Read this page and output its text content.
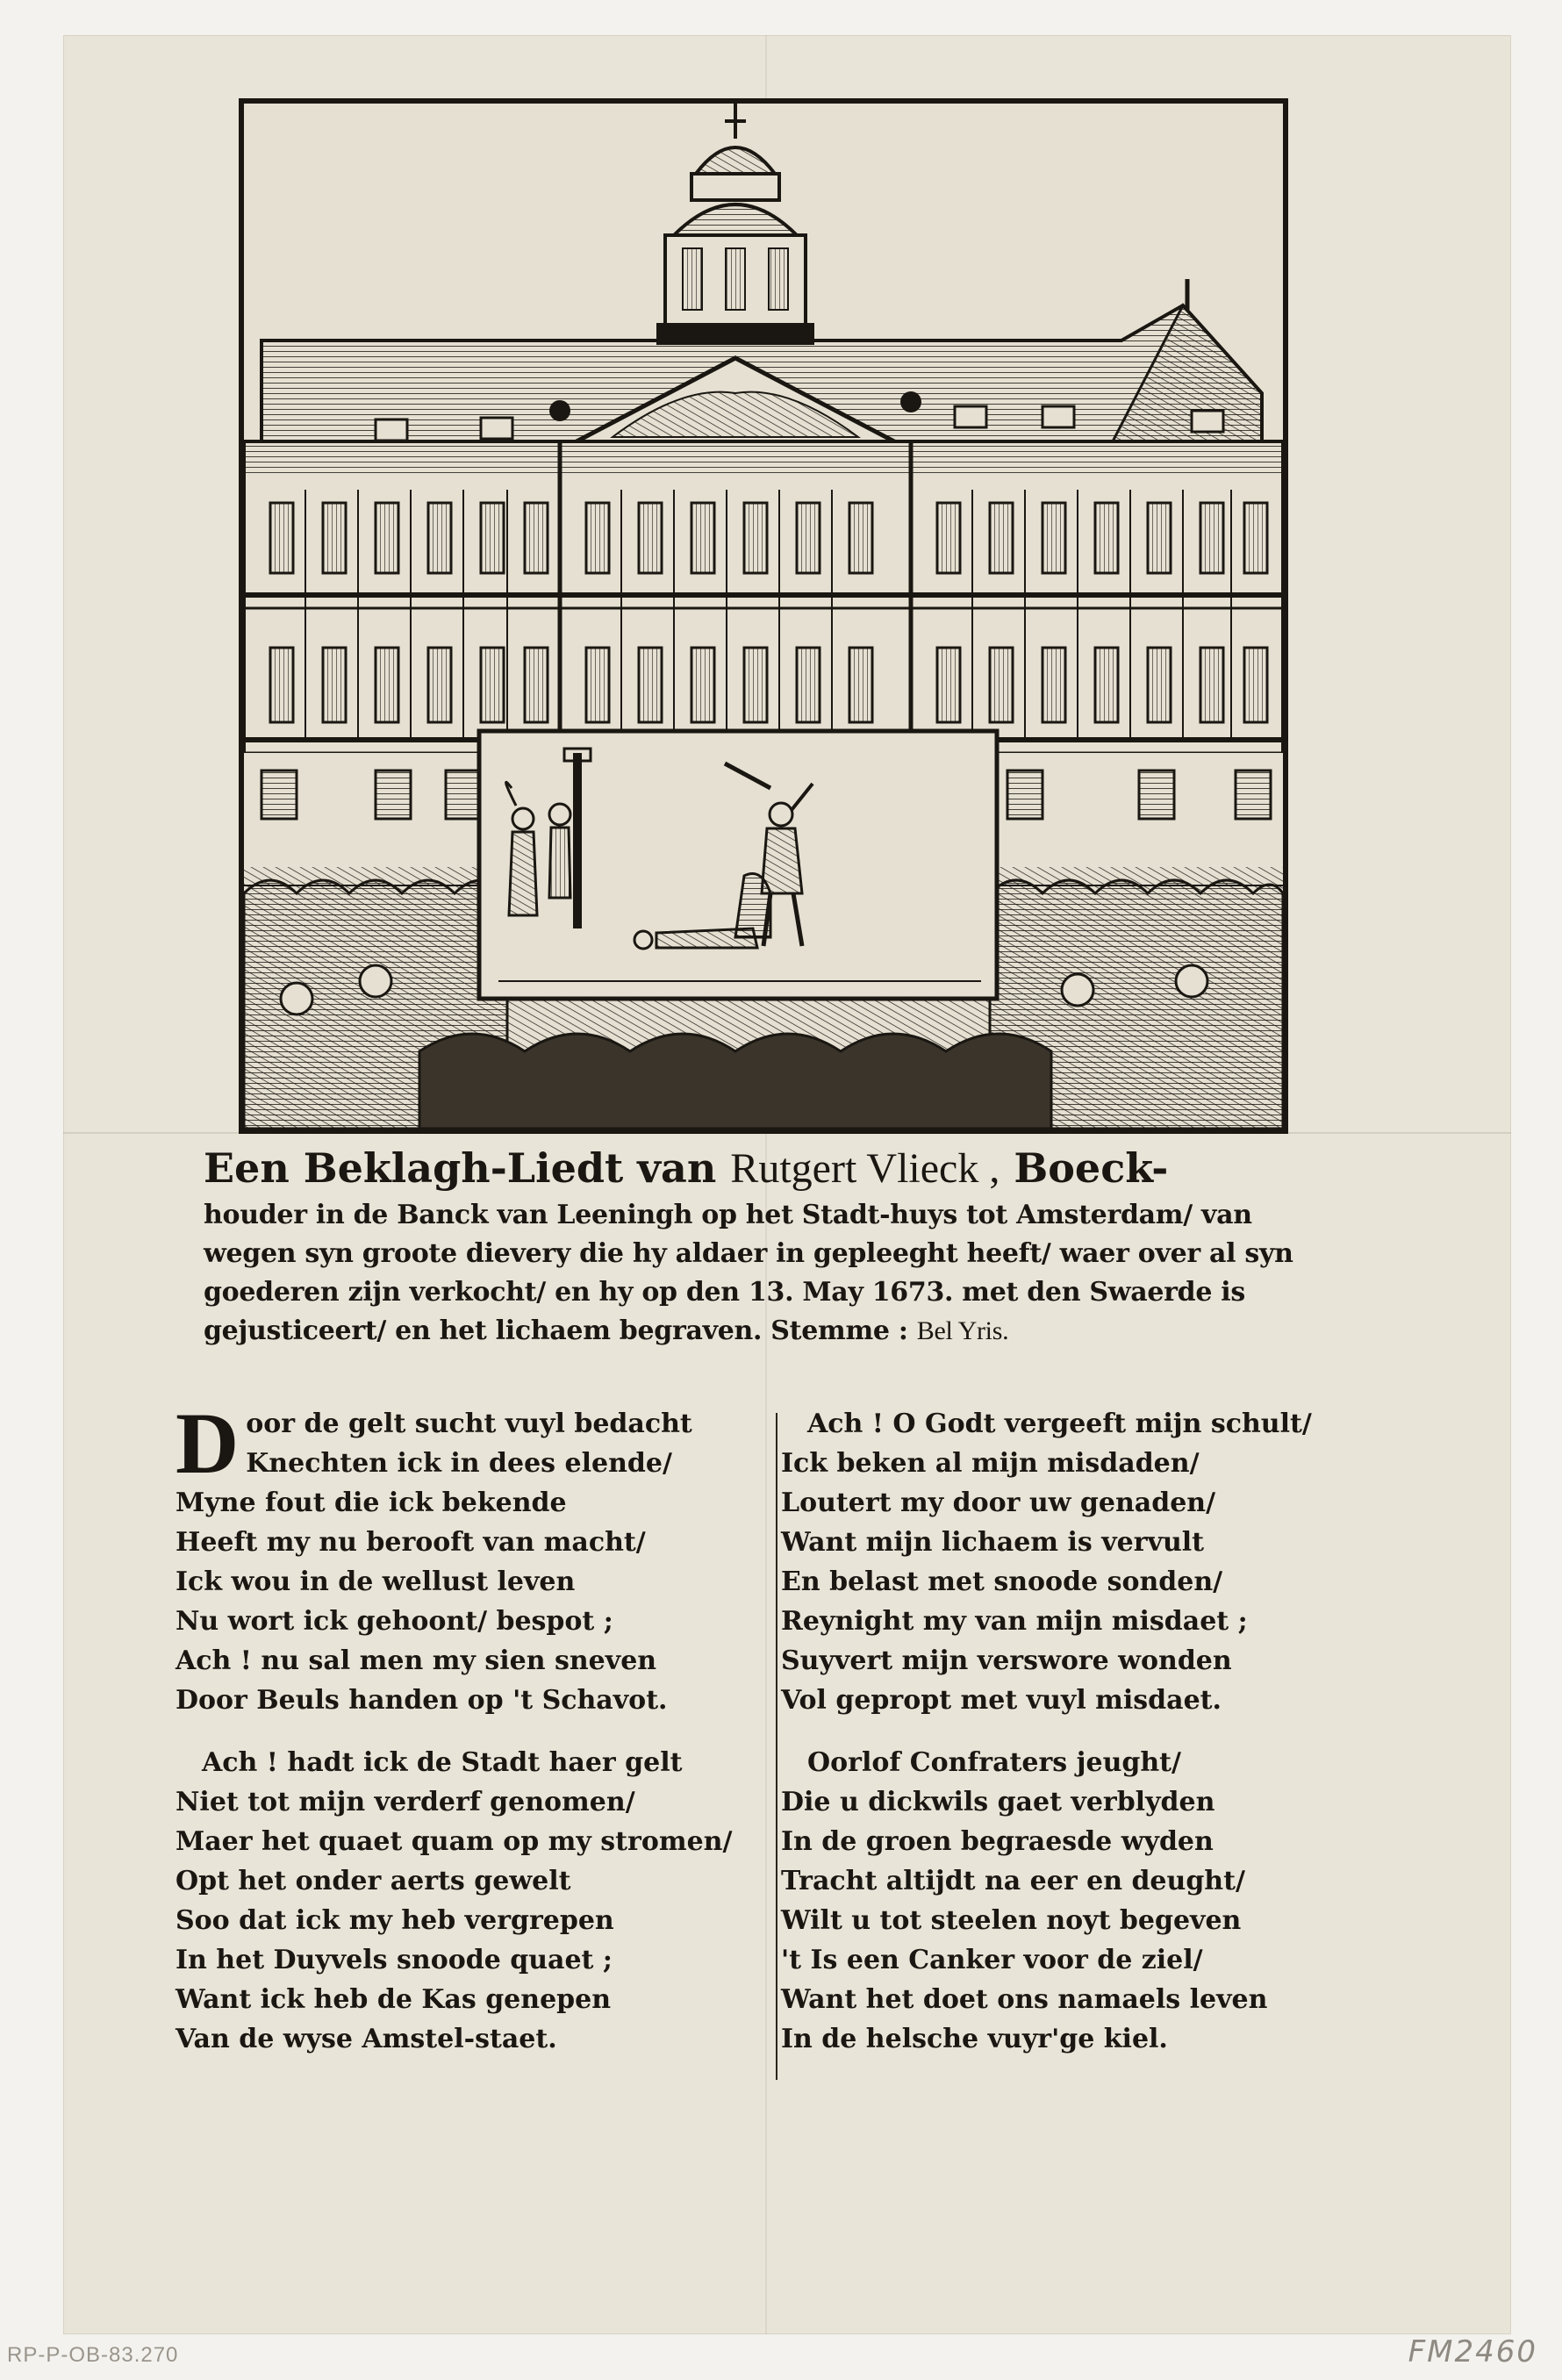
Een Beklagh-Liedt van Rutgert Vlieck , Boeck-
houder in de Banck van Leeningh op het Stadt-huys tot Amsterdam/ van
wegen syn groote dievery die hy aldaer in gepleeght heeft/ waer over al syn
goederen zijn verkocht/ en hy op den 13. May 1673. met den Swaerde is
gejusticeert/ en het lichaem begraven. Stemme : Bel Yris.
D oor de gelt sucht vuyl bedacht
Knechten ick in dees elende/
Myne fout die ick bekende
Heeft my nu berooft van macht/
Ick wou in de wellust leven
Nu wort ick gehoont/ bespot ;
Ach ! nu sal men my sien sneven
Door Beuls handen op 't Schavot.
Ach ! hadt ick de Stadt haer gelt
Niet tot mijn verderf genomen/
Maer het quaet quam op my stromen/
Opt het onder aerts gewelt
Soo dat ick my heb vergrepen
In het Duyvels snoode quaet ;
Want ick heb de Kas genepen
Van de wyse Amstel-staet.
Ach ! O Godt vergeeft mijn schult/
Ick beken al mijn misdaden/
Loutert my door uw genaden/
Want mijn lichaem is vervult
En belast met snoode sonden/
Reynight my van mijn misdaet ;
Suyvert mijn verswore wonden
Vol gepropt met vuyl misdaet.
Oorlof Confraters jeught/
Die u dickwils gaet verblyden
In de groen begraesde wyden
Tracht altijdt na eer en deught/
Wilt u tot steelen noyt begeven
't Is een Canker voor de ziel/
Want het doet ons namaels leven
In de helsche vuyr'ge kiel.
RP-P-OB-83.270	FM2460
